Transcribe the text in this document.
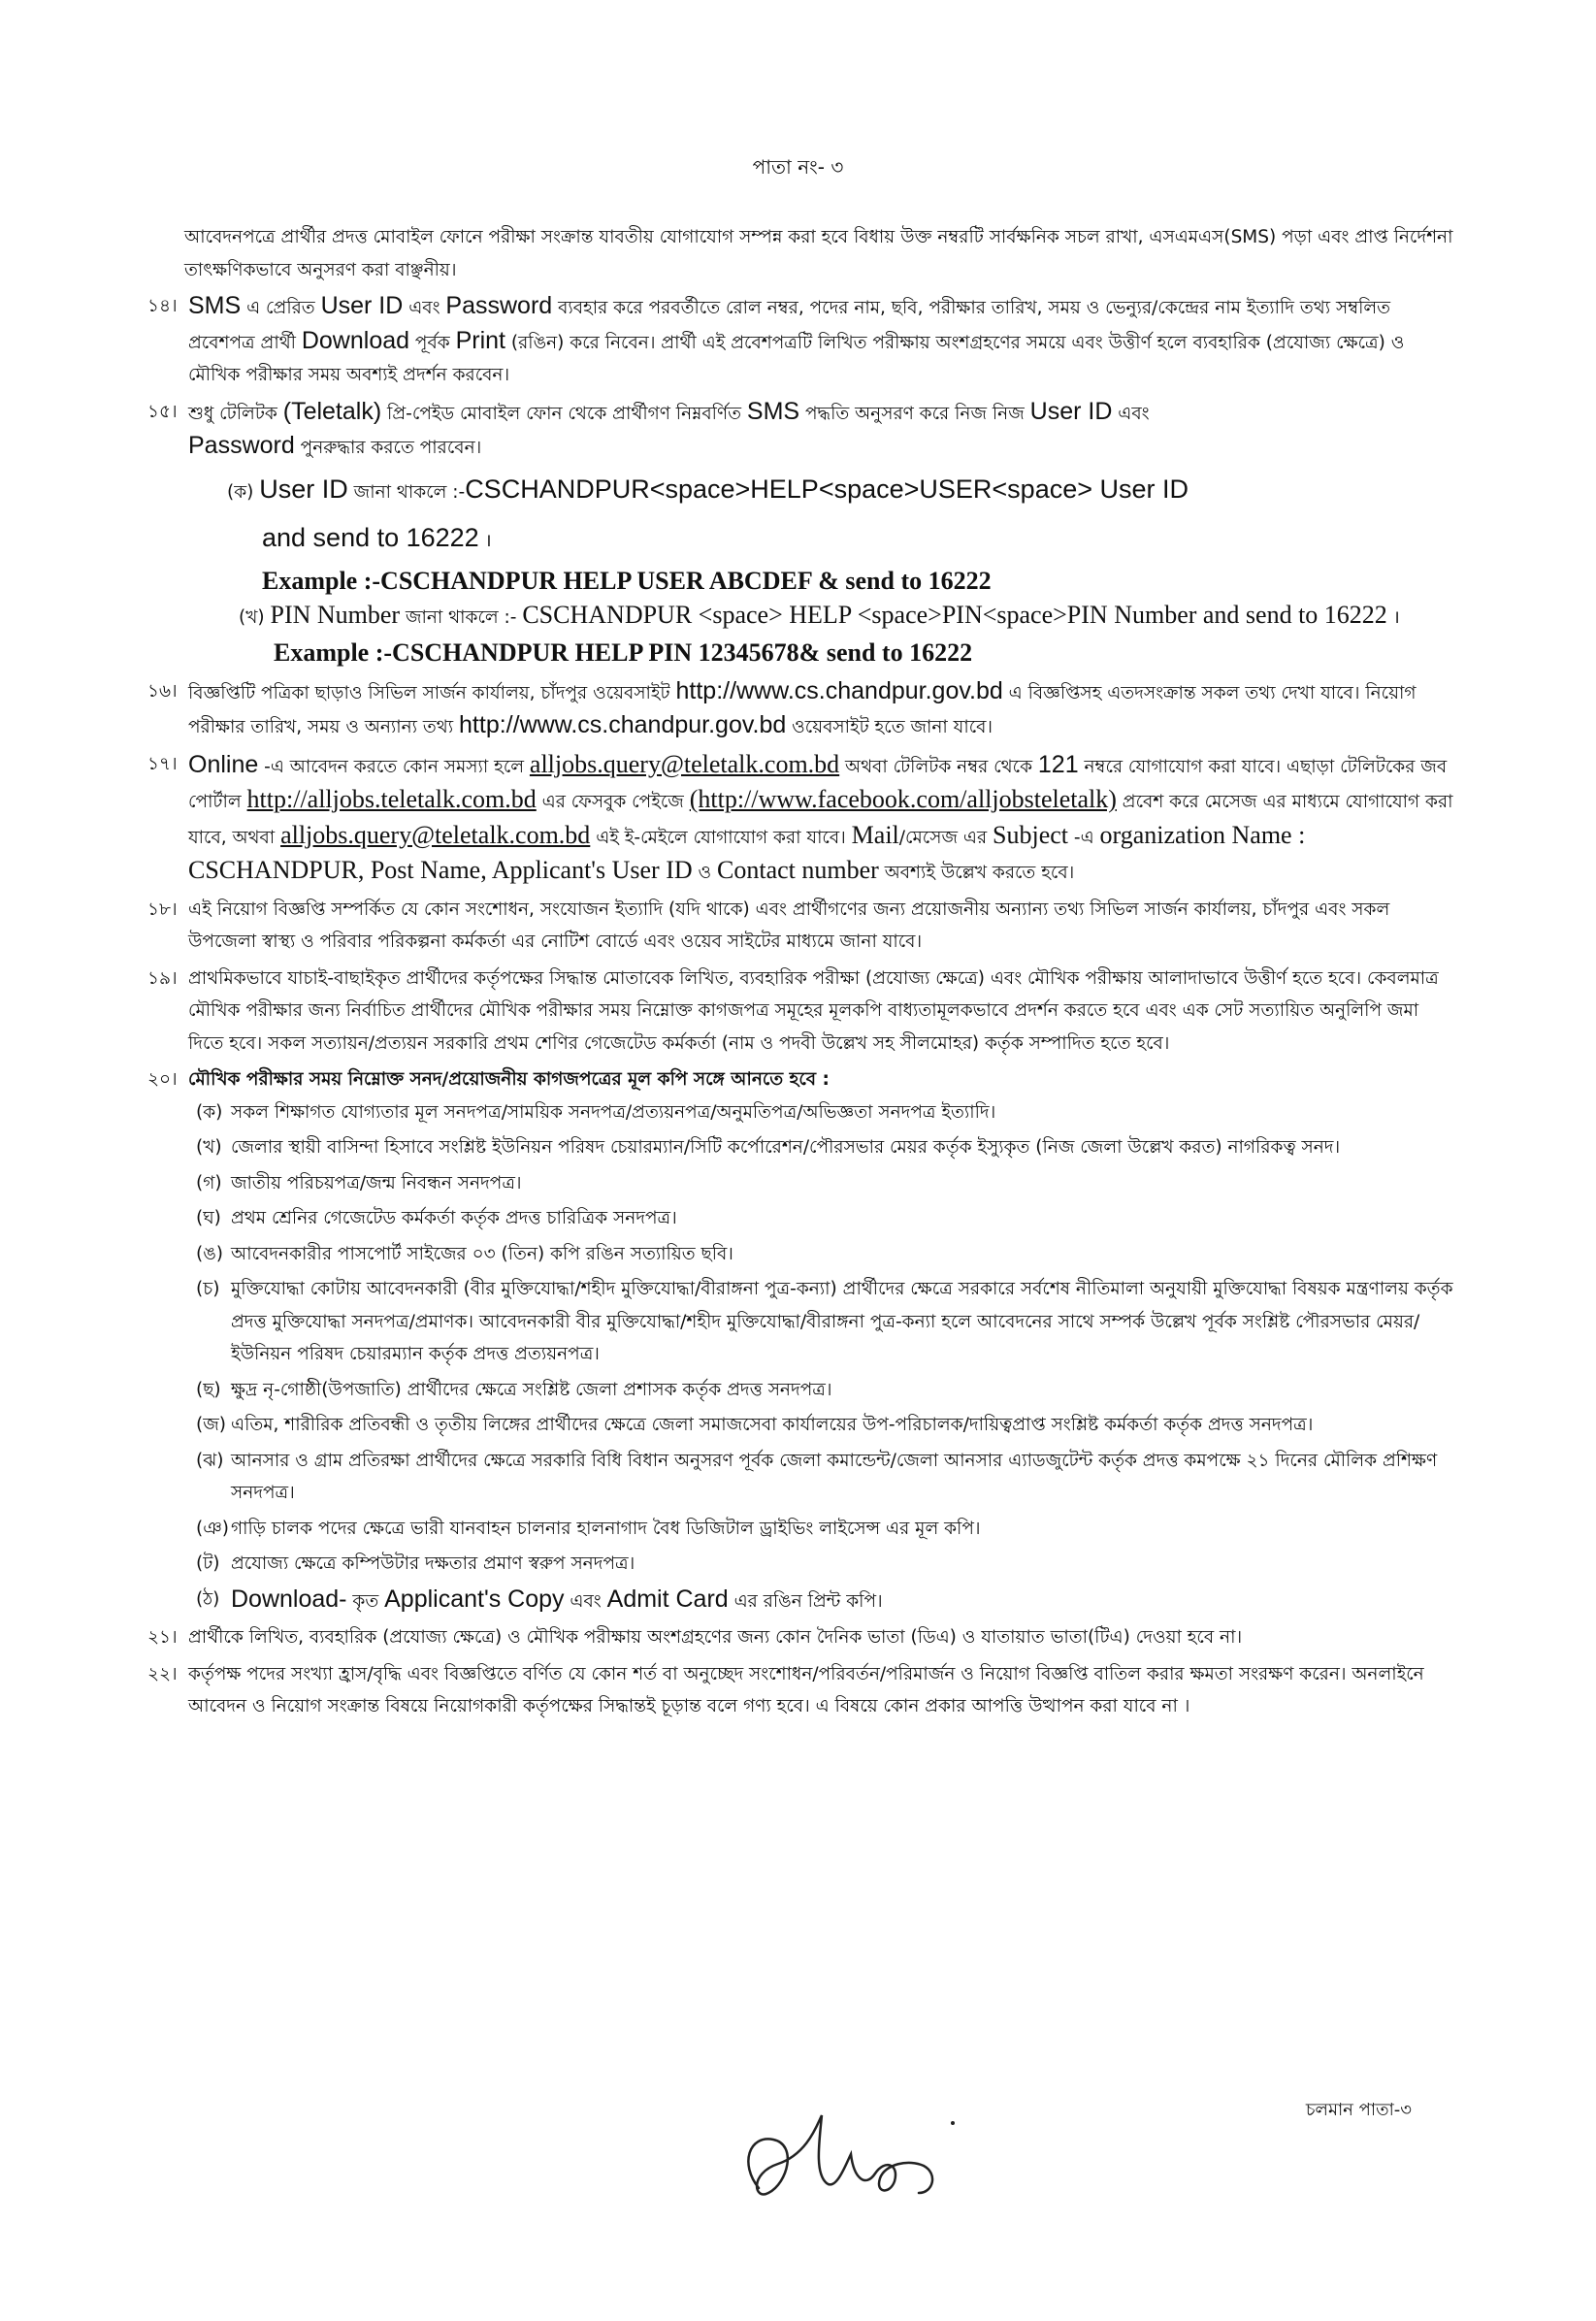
পাতা নং- ৩

আবেদনপত্রে প্রার্থীর প্রদত্ত মোবাইল ফোনে পরীক্ষা সংক্রান্ত যাবতীয় যোগাযোগ সম্পন্ন করা হবে বিধায় উক্ত নম্বরটি সার্বক্ষনিক সচল রাখা, এসএমএস(SMS) পড়া এবং প্রাপ্ত নির্দেশনা তাৎক্ষণিকভাবে অনুসরণ করা বাঞ্ছনীয়।

১৪। SMS এ প্রেরিত User ID এবং Password ব্যবহার করে পরবর্তীতে রোল নম্বর, পদের নাম, ছবি, পরীক্ষার তারিখ, সময় ও ভেন্যুর/কেন্দ্রের নাম ইত্যাদি তথ্য সম্বলিত প্রবেশপত্র প্রার্থী Download পূর্বক Print (রঙিন) করে নিবেন। প্রার্থী এই প্রবেশপত্রটি লিখিত পরীক্ষায় অংশগ্রহণের সময়ে এবং উত্তীর্ণ হলে ব্যবহারিক (প্রযোজ্য ক্ষেত্রে) ও মৌখিক পরীক্ষার সময় অবশ্যই প্রদর্শন করবেন।

১৫। শুধু টেলিটক (Teletalk) প্রি-পেইড মোবাইল ফোন থেকে প্রার্থীগণ নিম্নবর্ণিত SMS পদ্ধতি অনুসরণ করে নিজ নিজ User ID এবং
Password পুনরুদ্ধার করতে পারবেন।
(ক) User ID জানা থাকলে :-CSCHANDPUR<space>HELP<space>USER<space> User ID
and send to 16222 ।
Example :-CSCHANDPUR HELP USER ABCDEF & send to 16222
(খ) PIN Number জানা থাকলে :- CSCHANDPUR <space> HELP <space>PIN<space>PIN Number and send to 16222 ।
Example :-CSCHANDPUR HELP PIN 12345678& send to 16222

১৬। বিজ্ঞপ্তিটি পত্রিকা ছাড়াও সিভিল সার্জন কার্যালয়, চাঁদপুর ওয়েবসাইট http://www.cs.chandpur.gov.bd এ বিজ্ঞপ্তিসহ এতদসংক্রান্ত সকল তথ্য দেখা যাবে। নিয়োগ পরীক্ষার তারিখ, সময় ও অন্যান্য তথ্য http://www.cs.chandpur.gov.bd ওয়েবসাইট হতে জানা যাবে।

১৭। Online -এ আবেদন করতে কোন সমস্যা হলে alljobs.query@teletalk.com.bd অথবা টেলিটক নম্বর থেকে 121 নম্বরে যোগাযোগ করা যাবে। এছাড়া টেলিটকের জব পোর্টাল http://alljobs.teletalk.com.bd এর ফেসবুক পেইজে (http://www.facebook.com/alljobsteletalk) প্রবেশ করে মেসেজ এর মাধ্যমে যোগাযোগ করা যাবে, অথবা alljobs.query@teletalk.com.bd এই ই-মেইলে যোগাযোগ করা যাবে। Mail/মেসেজ এর Subject -এ organization Name : CSCHANDPUR, Post Name, Applicant's User ID ও Contact number অবশ্যই উল্লেখ করতে হবে।

১৮। এই নিয়োগ বিজ্ঞপ্তি সম্পর্কিত যে কোন সংশোধন, সংযোজন ইত্যাদি (যদি থাকে) এবং প্রার্থীগণের জন্য প্রয়োজনীয় অন্যান্য তথ্য সিভিল সার্জন কার্যালয়, চাঁদপুর এবং সকল উপজেলা স্বাস্থ্য ও পরিবার পরিকল্পনা কর্মকর্তা এর নোটিশ বোর্ডে এবং ওয়েব সাইটের মাধ্যমে জানা যাবে।

১৯। প্রাথমিকভাবে যাচাই-বাছাইকৃত প্রার্থীদের কর্তৃপক্ষের সিদ্ধান্ত মোতাবেক লিখিত, ব্যবহারিক পরীক্ষা (প্রযোজ্য ক্ষেত্রে) এবং মৌখিক পরীক্ষায় আলাদাভাবে উত্তীর্ণ হতে হবে। কেবলমাত্র মৌখিক পরীক্ষার জন্য নির্বাচিত প্রার্থীদের মৌখিক পরীক্ষার সময় নিম্নোক্ত কাগজপত্র সমূহের মূলকপি বাধ্যতামূলকভাবে প্রদর্শন করতে হবে এবং এক সেট সত্যায়িত অনুলিপি জমা দিতে হবে। সকল সত্যায়ন/প্রত্যয়ন সরকারি প্রথম শেণির গেজেটেড কর্মকর্তা (নাম ও পদবী উল্লেখ সহ সীলমোহর) কর্তৃক সম্পাদিত হতে হবে।

২০। মৌখিক পরীক্ষার সময় নিম্নোক্ত সনদ/প্রয়োজনীয় কাগজপত্রের মূল কপি সঙ্গে আনতে হবে :
(ক) সকল শিক্ষাগত যোগ্যতার মূল সনদপত্র/সাময়িক সনদপত্র/প্রত্যয়নপত্র/অনুমতিপত্র/অভিজ্ঞতা সনদপত্র ইত্যাদি।
(খ) জেলার স্থায়ী বাসিন্দা হিসাবে সংশ্লিষ্ট ইউনিয়ন পরিষদ চেয়ারম্যান/সিটি কর্পোরেশন/পৌরসভার মেয়র কর্তৃক ইস্যুকৃত (নিজ জেলা উল্লেখ করত) নাগরিকত্ব সনদ।
(গ) জাতীয় পরিচয়পত্র/জন্ম নিবন্ধন সনদপত্র।
(ঘ) প্রথম শ্রেনির গেজেটেড কর্মকর্তা কর্তৃক প্রদত্ত চারিত্রিক সনদপত্র।
(ঙ) আবেদনকারীর পাসপোর্ট সাইজের ০৩ (তিন) কপি রঙিন সত্যায়িত ছবি।
(চ) মুক্তিযোদ্ধা কোটায় আবেদনকারী (বীর মুক্তিযোদ্ধা/শহীদ মুক্তিযোদ্ধা/বীরাঙ্গনা পুত্র-কন্যা) প্রার্থীদের ক্ষেত্রে সরকারে সর্বশেষ নীতিমালা অনুযায়ী মুক্তিযোদ্ধা বিষয়ক মন্ত্রণালয় কর্তৃক প্রদত্ত মুক্তিযোদ্ধা সনদপত্র/প্রমাণক। আবেদনকারী বীর মুক্তিযোদ্ধা/শহীদ মুক্তিযোদ্ধা/বীরাঙ্গনা পুত্র-কন্যা হলে আবেদনের সাথে সম্পর্ক উল্লেখ পূর্বক সংশ্লিষ্ট পৌরসভার মেয়র/ইউনিয়ন পরিষদ চেয়ারম্যান কর্তৃক প্রদত্ত প্রত্যয়নপত্র।
(ছ) ক্ষুদ্র নৃ-গোষ্ঠী(উপজাতি) প্রার্থীদের ক্ষেত্রে সংশ্লিষ্ট জেলা প্রশাসক কর্তৃক প্রদত্ত সনদপত্র।
(জ) এতিম, শারীরিক প্রতিবন্ধী ও তৃতীয় লিঙ্গের প্রার্থীদের ক্ষেত্রে জেলা সমাজসেবা কার্যালয়ের উপ-পরিচালক/দায়িত্বপ্রাপ্ত সংশ্লিষ্ট কর্মকর্তা কর্তৃক প্রদত্ত সনদপত্র।
(ঝ) আনসার ও গ্রাম প্রতিরক্ষা প্রার্থীদের ক্ষেত্রে সরকারি বিধি বিধান অনুসরণ পূর্বক জেলা কমান্ডেন্ট/জেলা আনসার এ্যাডজুটেন্ট কর্তৃক প্রদত্ত কমপক্ষে ২১ দিনের মৌলিক প্রশিক্ষণ সনদপত্র।
(ঞ) গাড়ি চালক পদের ক্ষেত্রে ভারী যানবাহন চালনার হালনাগাদ বৈধ ডিজিটাল ড্রাইভিং লাইসেন্স এর মূল কপি।
(ট) প্রযোজ্য ক্ষেত্রে কম্পিউটার দক্ষতার প্রমাণ স্বরুপ সনদপত্র।
(ঠ) Download- কৃত Applicant's Copy এবং Admit Card এর রঙিন প্রিন্ট কপি।

২১। প্রার্থীকে লিখিত, ব্যবহারিক (প্রযোজ্য ক্ষেত্রে) ও মৌখিক পরীক্ষায় অংশগ্রহণের জন্য কোন দৈনিক ভাতা (ডিএ) ও যাতায়াত ভাতা(টিএ) দেওয়া হবে না।

২২। কর্তৃপক্ষ পদের সংখ্যা হ্রাস/বৃদ্ধি এবং বিজ্ঞপ্তিতে বর্ণিত যে কোন শর্ত বা অনুচ্ছেদ সংশোধন/পরিবর্তন/পরিমার্জন ও নিয়োগ বিজ্ঞপ্তি বাতিল করার ক্ষমতা সংরক্ষণ করেন। অনলাইনে আবেদন ও নিয়োগ সংক্রান্ত বিষয়ে নিয়োগকারী কর্তৃপক্ষের সিদ্ধান্তই চূড়ান্ত বলে গণ্য হবে। এ বিষয়ে কোন প্রকার আপত্তি উত্থাপন করা যাবে না ।

চলমান পাতা-৩
